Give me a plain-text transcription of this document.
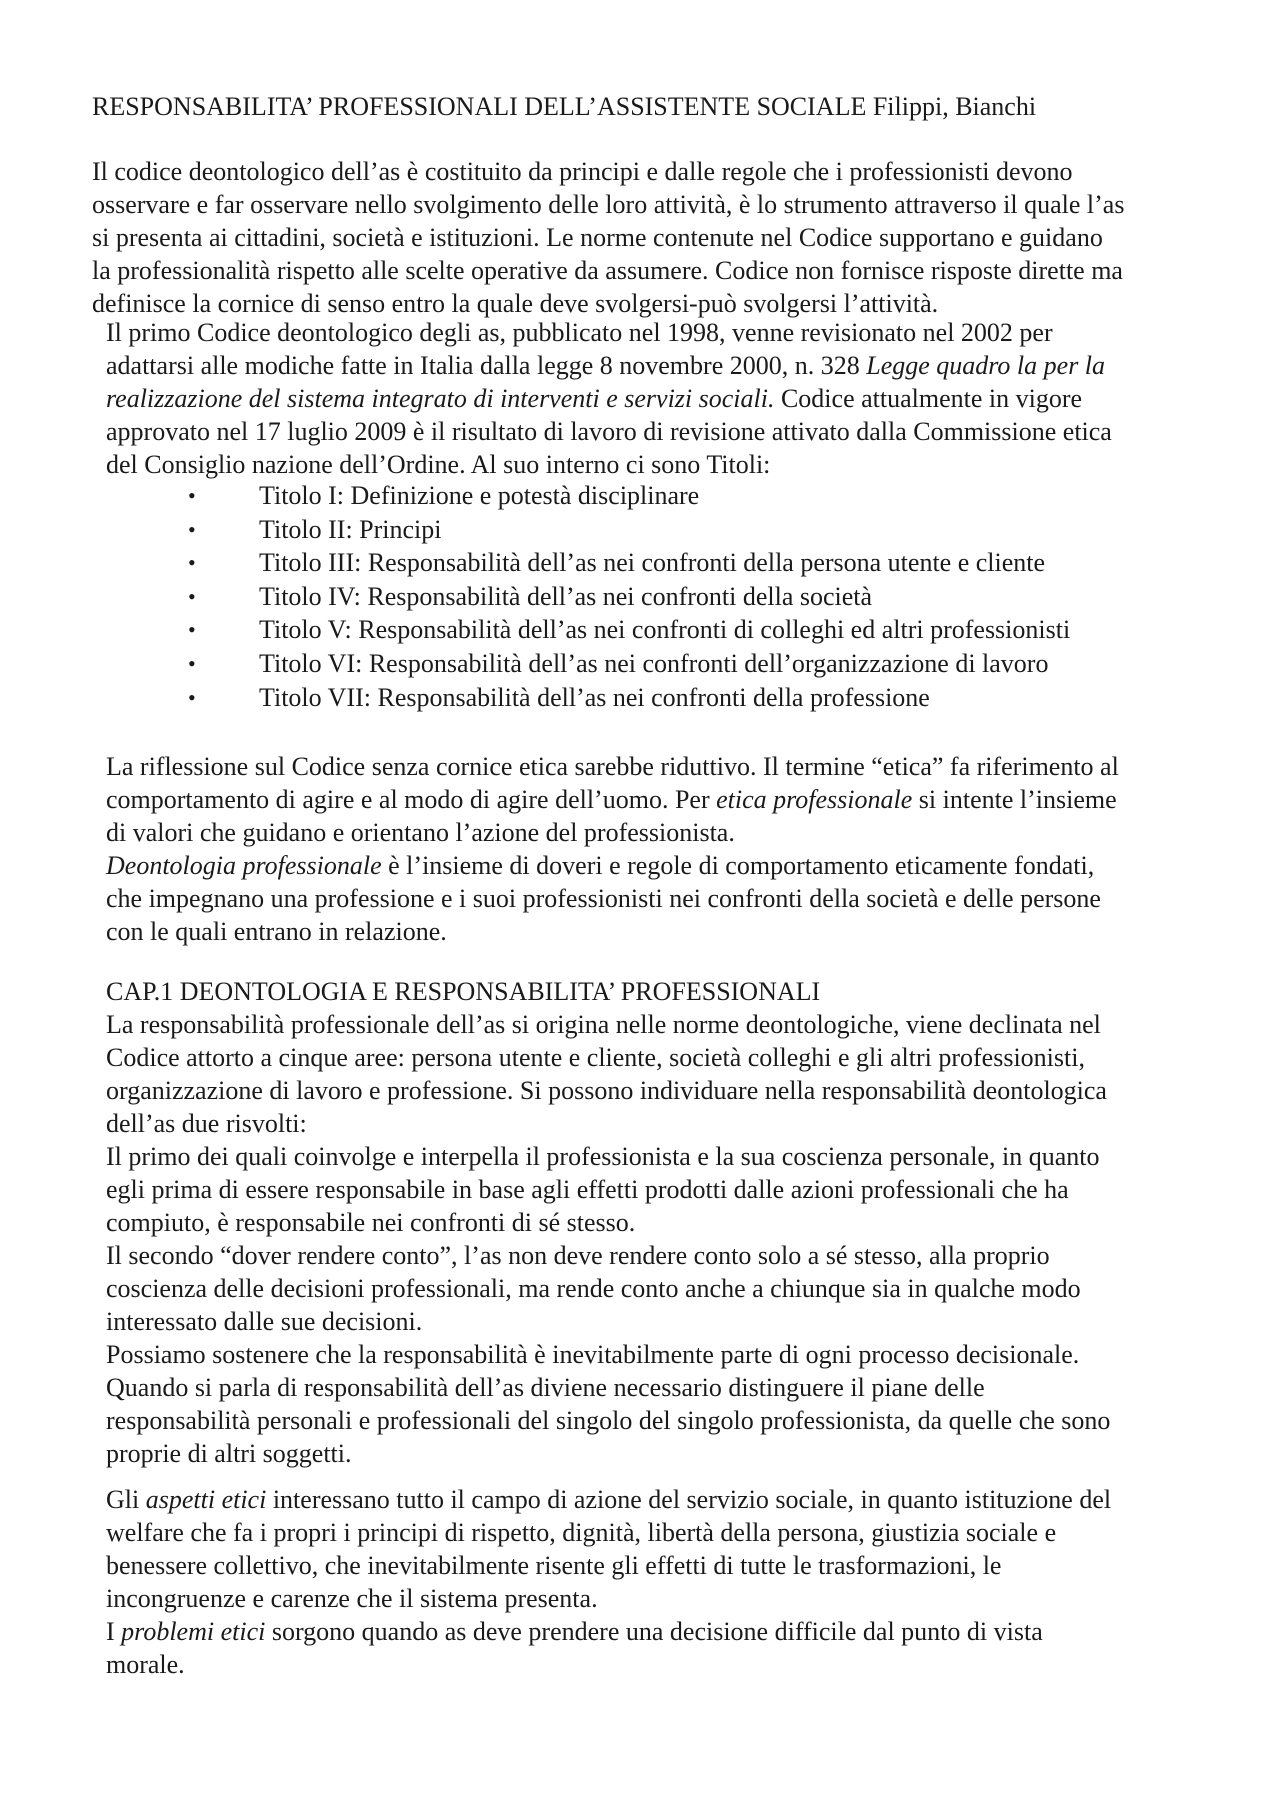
RESPONSABILITA’ PROFESSIONALI DELL’ASSISTENTE SOCIALE Filippi, Bianchi
Il codice deontologico dell’as è costituito da principi e dalle regole che i professionisti devono
osservare e far osservare nello svolgimento delle loro attività, è lo strumento attraverso il quale l’as
si presenta ai cittadini, società e istituzioni. Le norme contenute nel Codice supportano e guidano
la professionalità rispetto alle scelte operative da assumere. Codice non fornisce risposte dirette ma
definisce la cornice di senso entro la quale deve svolgersi-può svolgersi l’attività.
Il primo Codice deontologico degli as, pubblicato nel 1998, venne revisionato nel 2002 per
adattarsi alle modiche fatte in Italia dalla legge 8 novembre 2000, n. 328 Legge quadro la per la
realizzazione del sistema integrato di interventi e servizi sociali. Codice attualmente in vigore
approvato nel 17 luglio 2009 è il risultato di lavoro di revisione attivato dalla Commissione etica
del Consiglio nazione dell’Ordine. Al suo interno ci sono Titoli:
• Titolo I: Definizione e potestà disciplinare
• Titolo II: Principi
• Titolo III: Responsabilità dell’as nei confronti della persona utente e cliente
• Titolo IV: Responsabilità dell’as nei confronti della società
• Titolo V: Responsabilità dell’as nei confronti di colleghi ed altri professionisti
• Titolo VI: Responsabilità dell’as nei confronti dell’organizzazione di lavoro
• Titolo VII: Responsabilità dell’as nei confronti della professione
La riflessione sul Codice senza cornice etica sarebbe riduttivo. Il termine “etica” fa riferimento al
comportamento di agire e al modo di agire dell’uomo. Per etica professionale si intente l’insieme
di valori che guidano e orientano l’azione del professionista.
Deontologia professionale è l’insieme di doveri e regole di comportamento eticamente fondati,
che impegnano una professione e i suoi professionisti nei confronti della società e delle persone
con le quali entrano in relazione.
CAP.1 DEONTOLOGIA E RESPONSABILITA’ PROFESSIONALI
La responsabilità professionale dell’as si origina nelle norme deontologiche, viene declinata nel
Codice attorto a cinque aree: persona utente e cliente, società colleghi e gli altri professionisti,
organizzazione di lavoro e professione. Si possono individuare nella responsabilità deontologica
dell’as due risvolti:
Il primo dei quali coinvolge e interpella il professionista e la sua coscienza personale, in quanto
egli prima di essere responsabile in base agli effetti prodotti dalle azioni professionali che ha
compiuto, è responsabile nei confronti di sé stesso.
Il secondo “dover rendere conto”, l’as non deve rendere conto solo a sé stesso, alla proprio
coscienza delle decisioni professionali, ma rende conto anche a chiunque sia in qualche modo
interessato dalle sue decisioni.
Possiamo sostenere che la responsabilità è inevitabilmente parte di ogni processo decisionale.
Quando si parla di responsabilità dell’as diviene necessario distinguere il piane delle
responsabilità personali e professionali del singolo del singolo professionista, da quelle che sono
proprie di altri soggetti.
Gli aspetti etici interessano tutto il campo di azione del servizio sociale, in quanto istituzione del
welfare che fa i propri i principi di rispetto, dignità, libertà della persona, giustizia sociale e
benessere collettivo, che inevitabilmente risente gli effetti di tutte le trasformazioni, le
incongruenze e carenze che il sistema presenta.
I problemi etici sorgono quando as deve prendere una decisione difficile dal punto di vista
morale.
